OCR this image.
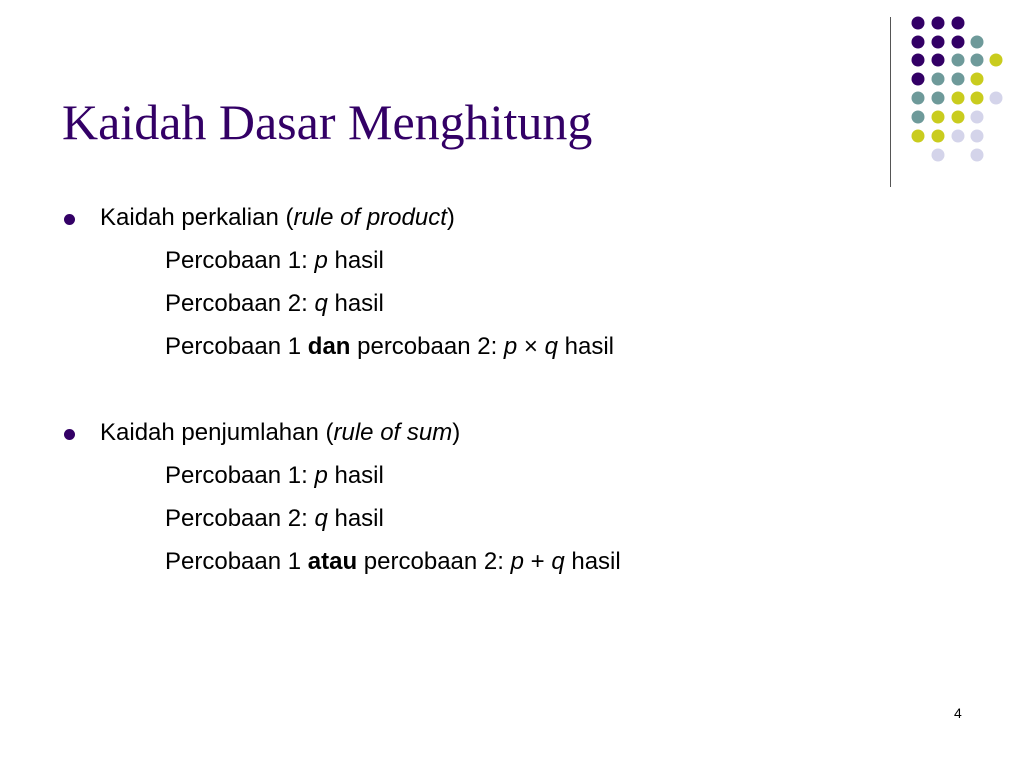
Kaidah Dasar Menghitung

Kaidah perkalian (rule of product)

Percobaan 1: p hasil

Percobaan 2: q hasil

Percobaan 1 dan percobaan 2: p × q hasil

Kaidah penjumlahan (rule of sum)

Percobaan 1: p hasil

Percobaan 2: q hasil

Percobaan 1 atau percobaan 2: p + q hasil

4
